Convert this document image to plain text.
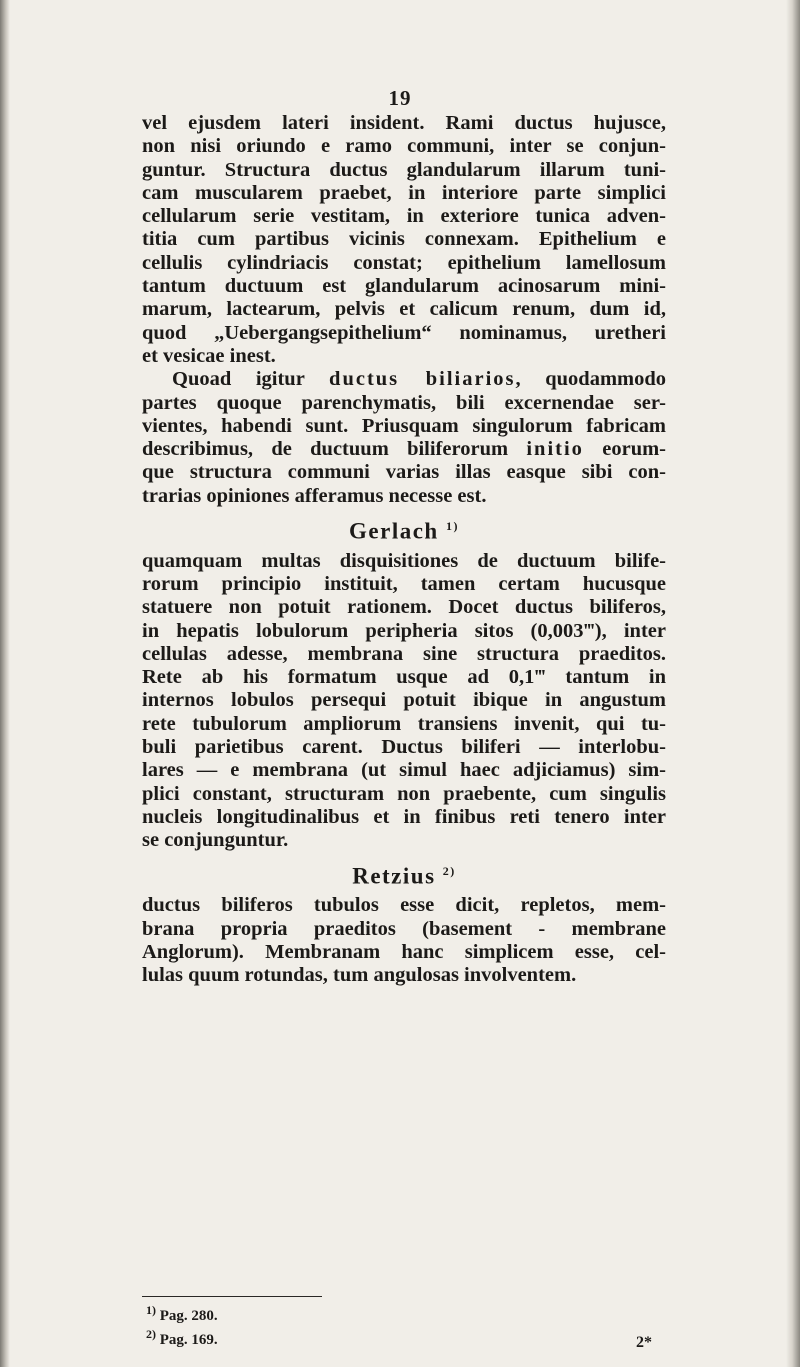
19
vel ejusdem lateri insident. Rami ductus hujusce,
non nisi oriundo e ramo communi, inter se conjun-
guntur. Structura ductus glandularum illarum tuni-
cam muscularem praebet, in interiore parte simplici
cellularum serie vestitam, in exteriore tunica adven-
titia cum partibus vicinis connexam. Epithelium e
cellulis cylindriacis constat; epithelium lamellosum
tantum ductuum est glandularum acinosarum mini-
marum, lactearum, pelvis et calicum renum, dum id,
quod „Uebergangsepithelium“ nominamus, uretheri
et vesicae inest.
Quoad igitur ductus biliarios, quodammodo
partes quoque parenchymatis, bili excernendae ser-
vientes, habendi sunt. Priusquam singulorum fabricam
describimus, de ductuum biliferorum initio eorum-
que structura communi varias illas easque sibi con-
trarias opiniones afferamus necesse est.
Gerlach $^{1)}$
quamquam multas disquisitiones de ductuum bilife-
rorum principio instituit, tamen certam hucusque
statuere non potuit rationem. Docet ductus biliferos,
in hepatis lobulorum peripheria sitos (0,003‴), inter
cellulas adesse, membrana sine structura praeditos.
Rete ab his formatum usque ad 0,1‴ tantum in
internos lobulos persequi potuit ibique in angustum
rete tubulorum ampliorum transiens invenit, qui tu-
buli parietibus carent. Ductus biliferi — interlobu-
lares — e membrana (ut simul haec adjiciamus) sim-
plici constant, structuram non praebente, cum singulis
nucleis longitudinalibus et in finibus reti tenero inter
se conjunguntur.
Retzius $^{2)}$
ductus biliferos tubulos esse dicit, repletos, mem-
brana propria praeditos (basement - membrane
Anglorum). Membranam hanc simplicem esse, cel-
lulas quum rotundas, tum angulosas involventem.
$^{1)}$ Pag. 280.
$^{2)}$ Pag. 169.	2*
